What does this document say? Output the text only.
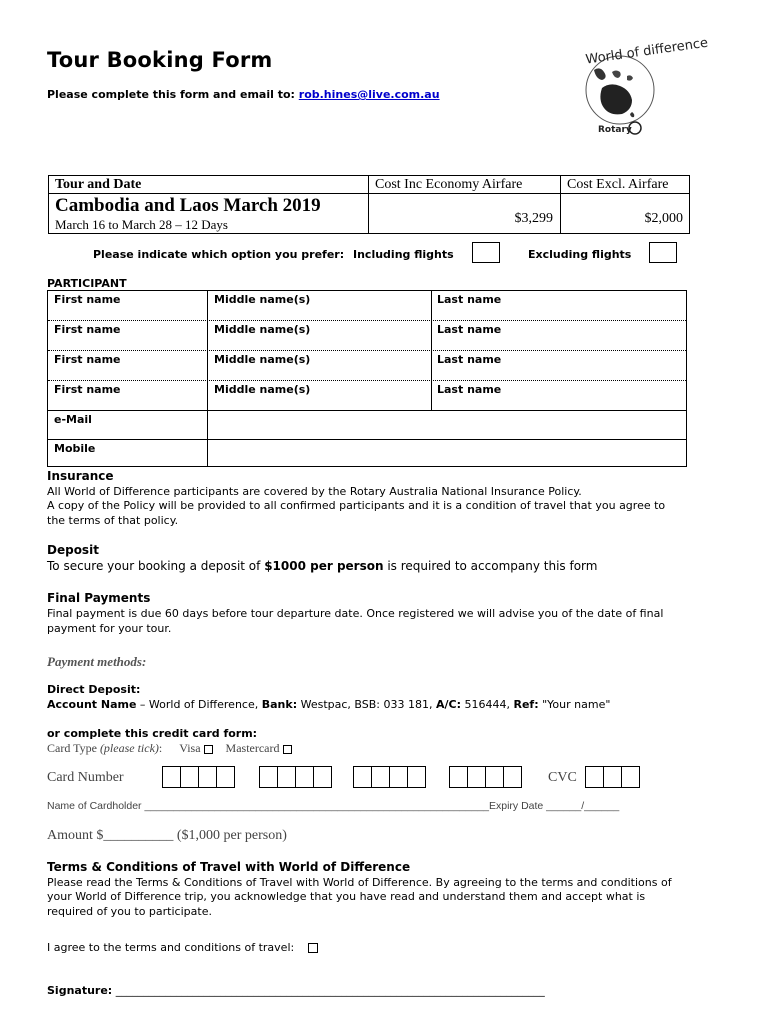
Tour Booking Form
Please complete this form and email to: rob.hines@live.com.au
World of difference
Rotary
Tour and Date	Cost Inc Economy Airfare	Cost Excl. Airfare
Cambodia and Laos March 2019
March 16 to March 28 – 12 Days	$3,299	$2,000
Please indicate which option you prefer: Including flights	Excluding flights
PARTICIPANT
First name	Middle name(s)	Last name
First name	Middle name(s)	Last name
First name	Middle name(s)	Last name
First name	Middle name(s)	Last name
e-Mail
Mobile
Insurance
All World of Difference participants are covered by the Rotary Australia National Insurance Policy.
A copy of the Policy will be provided to all confirmed participants and it is a condition of travel that you agree to
the terms of that policy.
Deposit
To secure your booking a deposit of $1000 per person is required to accompany this form
Final Payments
Final payment is due 60 days before tour departure date. Once registered we will advise you of the date of final
payment for your tour.
Payment methods:
Direct Deposit:
Account Name – World of Difference, Bank: Westpac, BSB: 033 181, A/C: 516444, Ref: "Your name"
or complete this credit card form:
Card Type (please tick): Visa Mastercard
Card Number	CVC
Name of Cardholder ___________________________________________________________Expiry Date ______/______
Amount $__________ ($1,000 per person)
Terms & Conditions of Travel with World of Difference
Please read the Terms & Conditions of Travel with World of Difference. By agreeing to the terms and conditions of
your World of Difference trip, you acknowledge that you have read and understand them and accept what is
required of you to participate.
I agree to the terms and conditions of travel:
Signature: ______________________________________________________________________________
